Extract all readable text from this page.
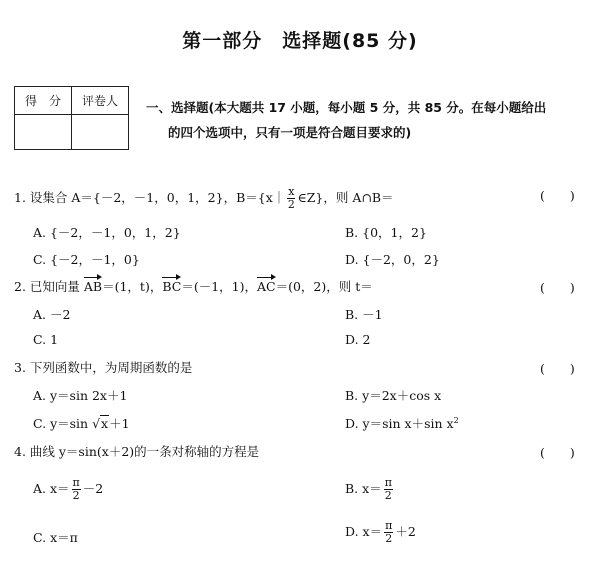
第一部分　选择题(85 分)
得　分	评卷人
	一、选择题(本大题共 17 小题，每小题 5 分，共 85 分。在每小题给出
的四个选项中，只有一项是符合题目要求的)
1. 设集合 A＝{－2，－1，0，1，2}，B＝{x｜ $\frac{x}{2}$ ∈Z}，则 A∩B＝	(　　)
A. {－2，－1，0，1，2}	B. {0，1，2}
C. {－2，－1，0}	D. {－2，0，2}
2. 已知向量 AB＝(1，t)，BC＝(－1，1)，AC＝(0，2)，则 t＝	(　　)
A. －2	B. －1
C. 1	D. 2
3. 下列函数中，为周期函数的是	(　　)
A. y＝sin 2x＋1	B. y＝2x＋cos x
C. y＝sin √x＋1	D. y＝sin x＋sin $x^2$
4. 曲线 y＝sin(x＋2)的一条对称轴的方程是	(　　)
A. $x= \frac{\pi}{2} -2$	B. $x= \frac{\pi}{2}$
C. x＝π	D. $x= \frac{\pi}{2} +2$
